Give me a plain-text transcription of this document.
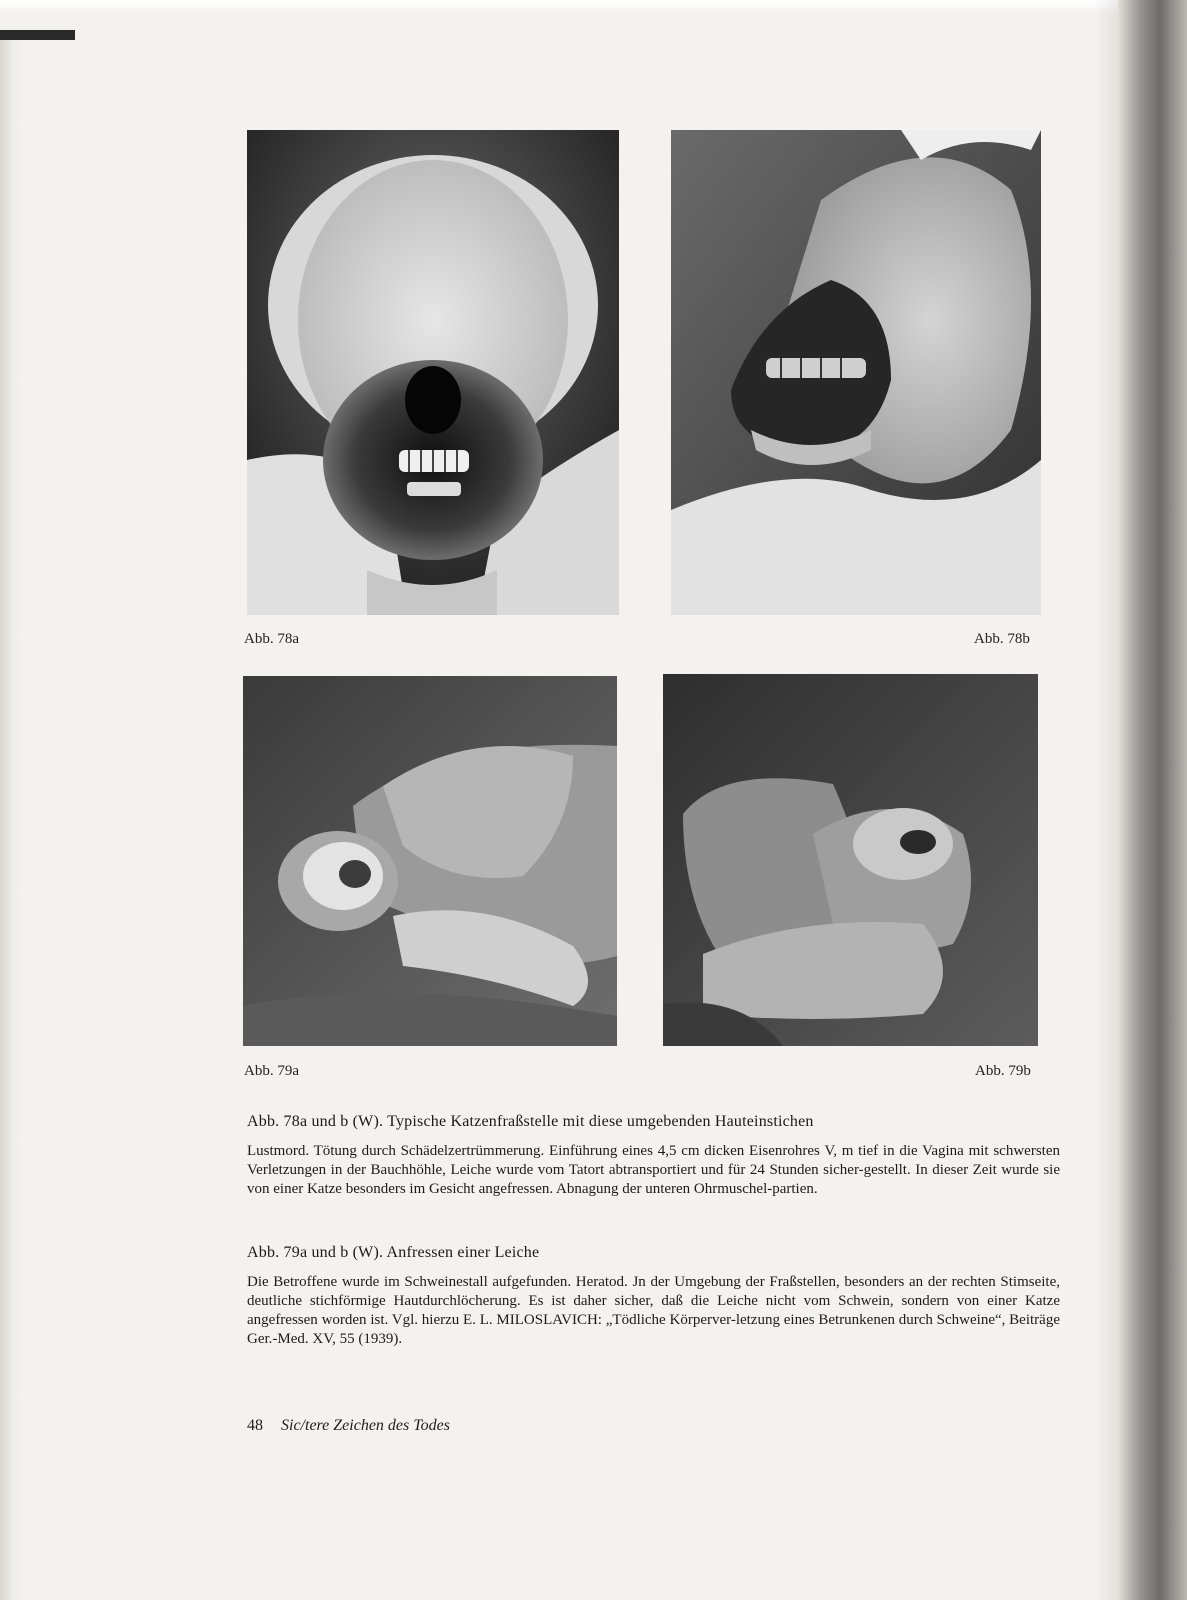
Abb. 78a	Abb. 78b
Abb. 79a	Abb. 79b
Abb. 78a und b (W). Typische Katzenfraßstelle mit diese umgebenden Hauteinstichen

Lustmord. Tötung durch Schädelzertrümmerung. Einführung eines 4,5 cm dicken Eisenrohres V, m tief in die Vagina mit schwersten Verletzungen in der Bauchhöhle, Leiche wurde vom Tatort abtransportiert und für 24 Stunden sicher-gestellt. In dieser Zeit wurde sie von einer Katze besonders im Gesicht angefressen. Abnagung der unteren Ohrmuschel-partien.

Abb. 79a und b (W). Anfressen einer Leiche

Die Betroffene wurde im Schweinestall aufgefunden. Heratod. Jn der Umgebung der Fraßstellen, besonders an der rechten Stimseite, deutliche stichförmige Hautdurchlöcherung. Es ist daher sicher, daß die Leiche nicht vom Schwein, sondern von einer Katze angefressen worden ist. Vgl. hierzu E. L. MILOSLAVICH: „Tödliche Körperver-letzung eines Betrunkenen durch Schweine“, Beiträge Ger.-Med. XV, 55 (1939).

48 Sic/tere Zeichen des Todes
